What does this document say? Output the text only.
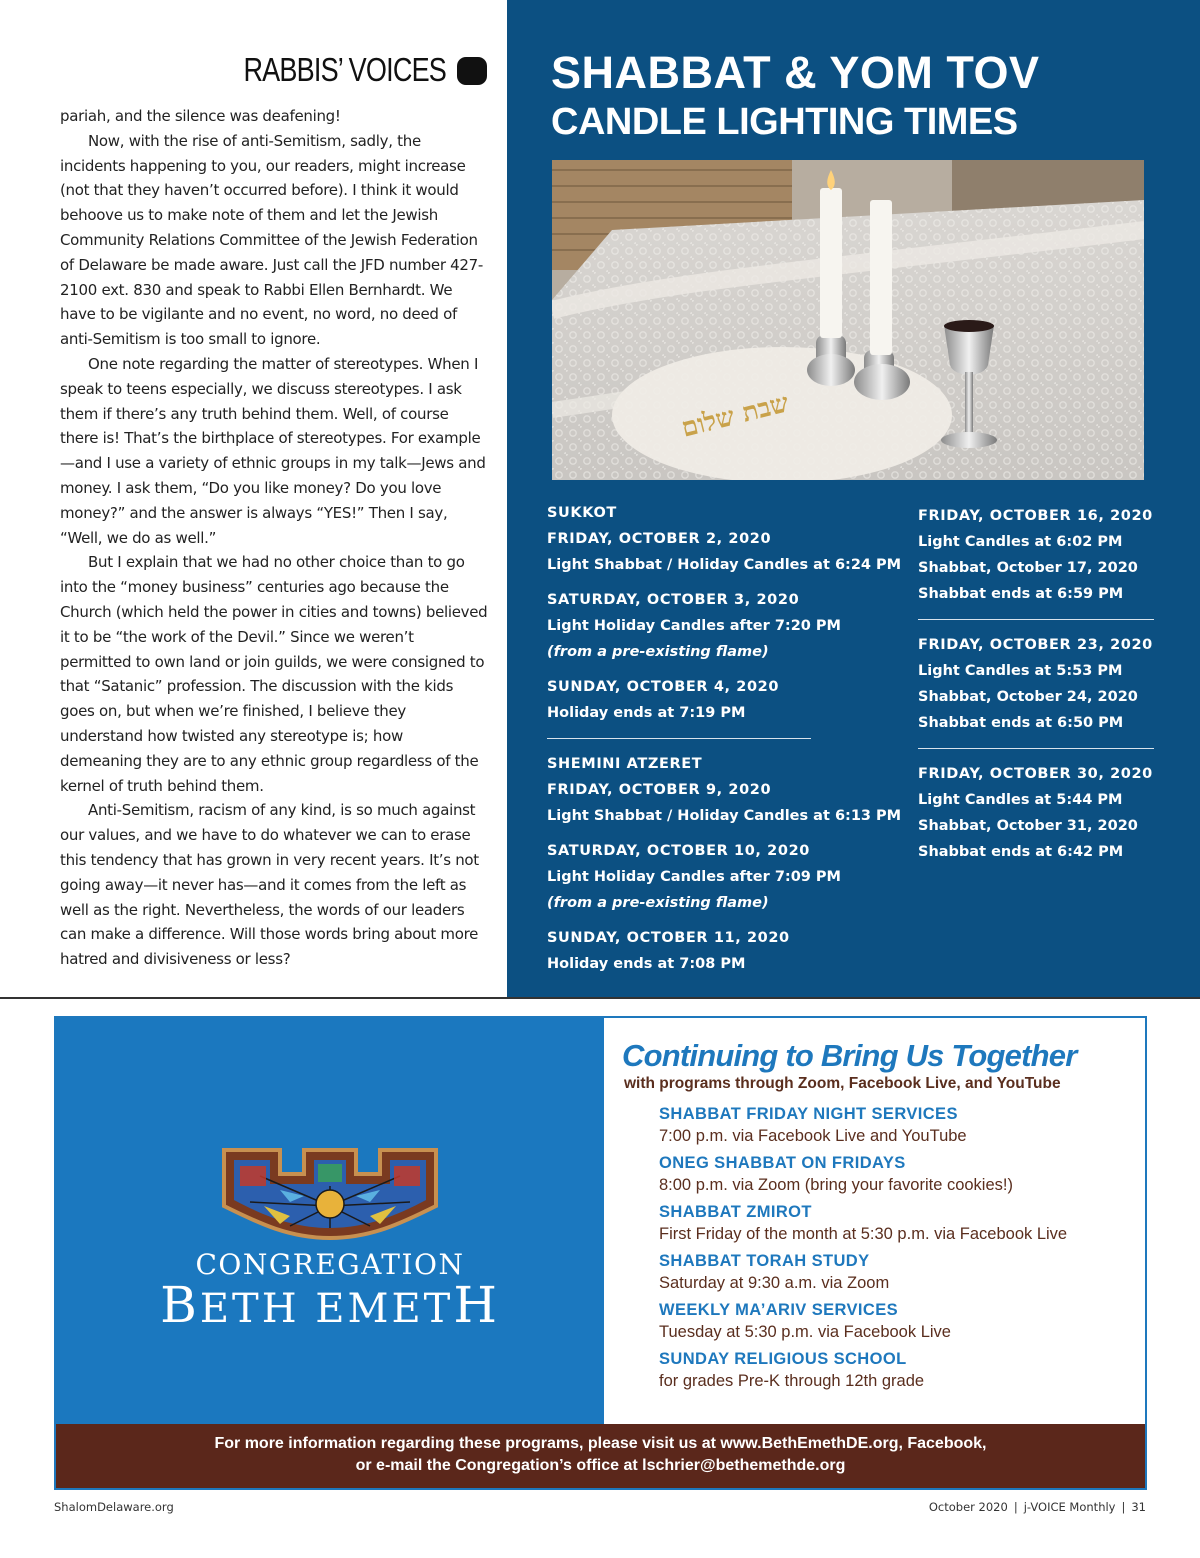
RABBIS’ VOICES

pariah, and the silence was deafening!

Now, with the rise of anti-Semitism, sadly, the incidents happening to you, our readers, might increase (not that they haven’t occurred before). I think it would behoove us to make note of them and let the Jewish Community Relations Committee of the Jewish Federation of Delaware be made aware. Just call the JFD number 427-2100 ext. 830 and speak to Rabbi Ellen Bernhardt. We have to be vigilante and no event, no word, no deed of anti-Semitism is too small to ignore.

One note regarding the matter of stereotypes. When I speak to teens especially, we discuss stereotypes. I ask them if there’s any truth behind them. Well, of course there is! That’s the birthplace of stereotypes. For example—and I use a variety of ethnic groups in my talk—Jews and money. I ask them, “Do you like money? Do you love money?” and the answer is always “YES!” Then I say, “Well, we do as well.”

But I explain that we had no other choice than to go into the “money business” centuries ago because the Church (which held the power in cities and towns) believed it to be “the work of the Devil.” Since we weren’t permitted to own land or join guilds, we were consigned to that “Satanic” profession. The discussion with the kids goes on, but when we’re finished, I believe they understand how twisted any stereotype is; how demeaning they are to any ethnic group regardless of the kernel of truth behind them.

Anti-Semitism, racism of any kind, is so much against our values, and we have to do whatever we can to erase this tendency that has grown in very recent years. It’s not going away—it never has—and it comes from the left as well as the right. Nevertheless, the words of our leaders can make a difference. Will those words bring about more hatred and divisiveness or less?

SHABBAT & YOM TOV
CANDLE LIGHTING TIMES
שבת שלום
SUKKOT
FRIDAY, OCTOBER 2, 2020
Light Shabbat / Holiday Candles at 6:24 PM
SATURDAY, OCTOBER 3, 2020
Light Holiday Candles after 7:20 PM
(from a pre-existing flame)
SUNDAY, OCTOBER 4, 2020
Holiday ends at 7:19 PM
SHEMINI ATZERET
FRIDAY, OCTOBER 9, 2020
Light Shabbat / Holiday Candles at 6:13 PM
SATURDAY, OCTOBER 10, 2020
Light Holiday Candles after 7:09 PM
(from a pre-existing flame)
SUNDAY, OCTOBER 11, 2020
Holiday ends at 7:08 PM
FRIDAY, OCTOBER 16, 2020
Light Candles at 6:02 PM
Shabbat, October 17, 2020
Shabbat ends at 6:59 PM
FRIDAY, OCTOBER 23, 2020
Light Candles at 5:53 PM
Shabbat, October 24, 2020
Shabbat ends at 6:50 PM
FRIDAY, OCTOBER 30, 2020
Light Candles at 5:44 PM
Shabbat, October 31, 2020
Shabbat ends at 6:42 PM
CONGREGATION
BETH EMETH
Continuing to Bring Us Together
with programs through Zoom, Facebook Live, and YouTube
SHABBAT FRIDAY NIGHT SERVICES
7:00 p.m. via Facebook Live and YouTube
ONEG SHABBAT ON FRIDAYS
8:00 p.m. via Zoom (bring your favorite cookies!)
SHABBAT ZMIROT
First Friday of the month at 5:30 p.m. via Facebook Live
SHABBAT TORAH STUDY
Saturday at 9:30 a.m. via Zoom
WEEKLY MA’ARIV SERVICES
Tuesday at 5:30 p.m. via Facebook Live
SUNDAY RELIGIOUS SCHOOL
for grades Pre-K through 12th grade
For more information regarding these programs, please visit us at www.BethEmethDE.org, Facebook,
or e-mail the Congregation’s office at lschrier@bethemethde.org
ShalomDelaware.org	October 2020 | j-VOICE Monthly | 31
